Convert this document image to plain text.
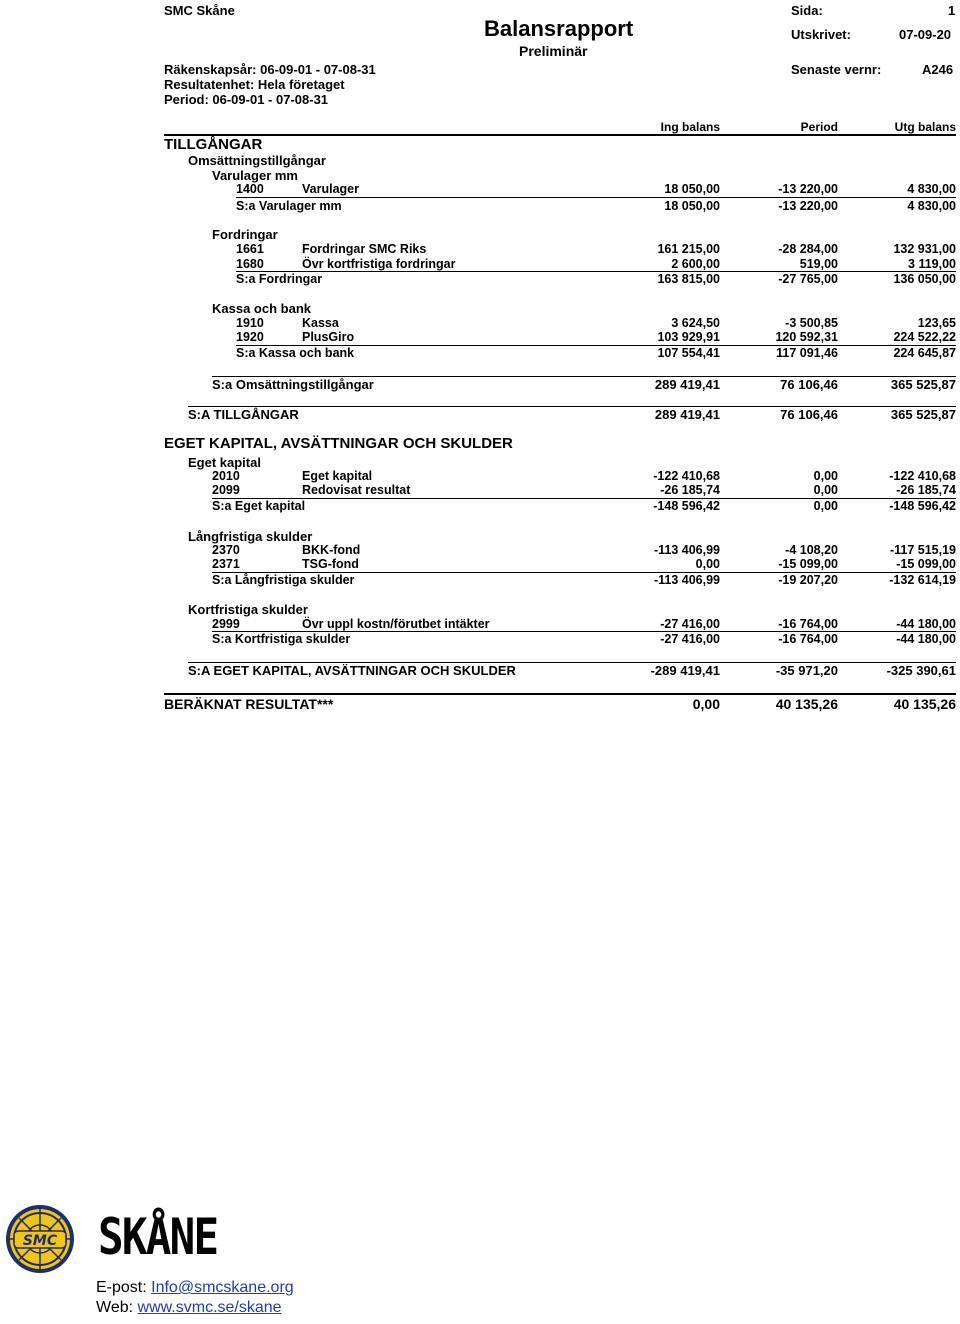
SMC Skåne
Balansrapport
Preliminär
Sida:	1
Utskrivet:	07-09-20
Räkenskapsår: 06-09-01 - 07-08-31
Resultatenhet: Hela företaget
Period: 06-09-01 - 07-08-31
Senaste vernr:	A246
Ing balans	Period	Utg balans
TILLGÅNGAR
Omsättningstillgångar
Varulager mm
1400	Varulager	18 050,00	-13 220,00	4 830,00
S:a Varulager mm	18 050,00	-13 220,00	4 830,00
Fordringar
1661	Fordringar SMC Riks	161 215,00	-28 284,00	132 931,00
1680	Övr kortfristiga fordringar	2 600,00	519,00	3 119,00
S:a Fordringar	163 815,00	-27 765,00	136 050,00
Kassa och bank
1910	Kassa	3 624,50	-3 500,85	123,65
1920	PlusGiro	103 929,91	120 592,31	224 522,22
S:a Kassa och bank	107 554,41	117 091,46	224 645,87
S:a Omsättningstillgångar	289 419,41	76 106,46	365 525,87
S:A TILLGÅNGAR	289 419,41	76 106,46	365 525,87
EGET KAPITAL, AVSÄTTNINGAR OCH SKULDER
Eget kapital
2010	Eget kapital	-122 410,68	0,00	-122 410,68
2099	Redovisat resultat	-26 185,74	0,00	-26 185,74
S:a Eget kapital	-148 596,42	0,00	-148 596,42
Långfristiga skulder
2370	BKK-fond	-113 406,99	-4 108,20	-117 515,19
2371	TSG-fond	0,00	-15 099,00	-15 099,00
S:a Långfristiga skulder	-113 406,99	-19 207,20	-132 614,19
Kortfristiga skulder
2999	Övr uppl kostn/förutbet intäkter	-27 416,00	-16 764,00	-44 180,00
S:a Kortfristiga skulder	-27 416,00	-16 764,00	-44 180,00
S:A EGET KAPITAL, AVSÄTTNINGAR OCH SKULDER	-289 419,41	-35 971,20	-325 390,61
BERÄKNAT RESULTAT***	0,00	40 135,26	40 135,26
SMC SKÅNE
E-post: Info@smcskane.org
Web: www.svmc.se/skane
